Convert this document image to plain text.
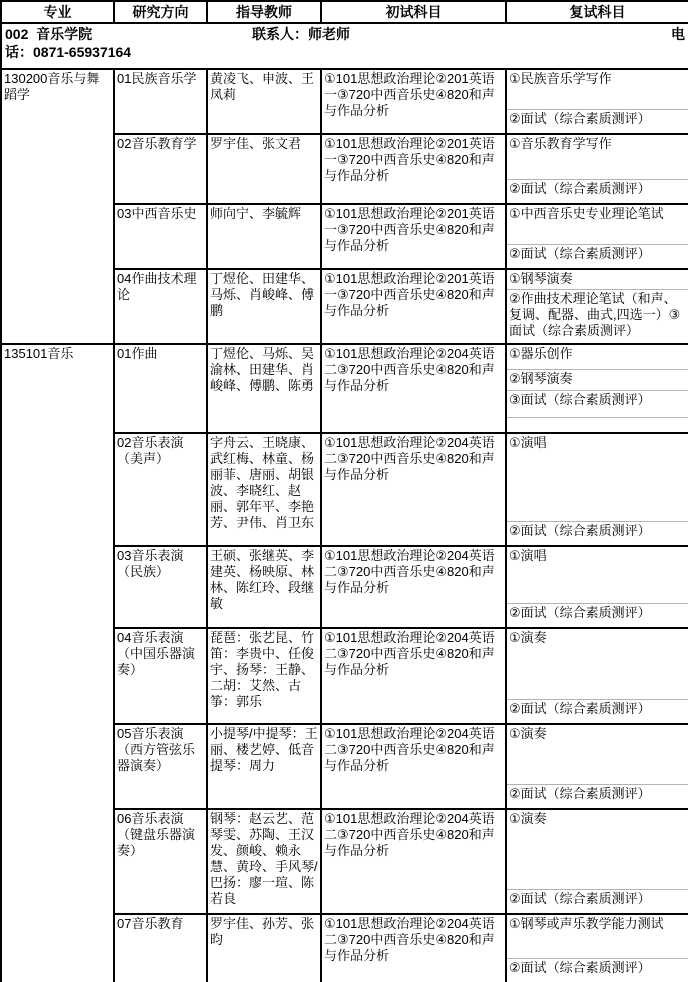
专业	研究方向	指导教师	初试科目	复试科目

002  音乐学院 联系人：师老师 电
话：0871-65937164				

130200音乐与舞蹈学	01民族音乐学	黄凌飞、申波、王凤莉	①101思想政治理论②201英语一③720中西音乐史④820和声与作品分析	①民族音乐学写作
②面试（综合素质测评）

	02音乐教育学	罗宇佳、张文君	①101思想政治理论②201英语一③720中西音乐史④820和声与作品分析	①音乐教育学写作
②面试（综合素质测评）

	03中西音乐史	师向宁、李毓辉	①101思想政治理论②201英语一③720中西音乐史④820和声与作品分析	①中西音乐史专业理论笔试
②面试（综合素质测评）

	04作曲技术理论	丁煜伦、田建华、马烁、肖峻峰、傅鹏	①101思想政治理论②201英语一③720中西音乐史④820和声与作品分析	①钢琴演奏
②作曲技术理论笔试（和声、复调、配器、曲式,四选一）③面试（综合素质测评）

135101音乐	01作曲	丁煜伦、马烁、吴渝林、田建华、肖峻峰、傅鹏、陈勇	①101思想政治理论②204英语二③720中西音乐史④820和声与作品分析	①器乐创作
②钢琴演奏
③面试（综合素质测评）

	02音乐表演（美声）	字舟云、王晓康、武红梅、林童、杨丽菲、唐丽、胡银波、李晓红、赵丽、郭年平、李艳芳、尹伟、肖卫东	①101思想政治理论②204英语二③720中西音乐史④820和声与作品分析	①演唱
②面试（综合素质测评）

	03音乐表演（民族）	王硕、张继英、李建英、杨映原、林林、陈红玲、段继敏	①101思想政治理论②204英语二③720中西音乐史④820和声与作品分析	①演唱
②面试（综合素质测评）

	04音乐表演（中国乐器演奏）	琵琶：张艺昆、竹笛：李贵中、任俊宇、扬琴：王静、二胡：艾然、古筝：郭乐	①101思想政治理论②204英语二③720中西音乐史④820和声与作品分析	①演奏
②面试（综合素质测评）

	05音乐表演（西方管弦乐器演奏）	小提琴/中提琴：王丽、楼艺婷、低音提琴：周力	①101思想政治理论②204英语二③720中西音乐史④820和声与作品分析	①演奏
②面试（综合素质测评）

	06音乐表演（键盘乐器演奏）	钢琴：赵云艺、范琴雯、苏陶、王汉发、颜峻、赖永慧、黄玲、手风琴/巴扬：廖一瑄、陈若良	①101思想政治理论②204英语二③720中西音乐史④820和声与作品分析	①演奏
②面试（综合素质测评）

	07音乐教育	罗宇佳、孙芳、张昀	①101思想政治理论②204英语二③720中西音乐史④820和声与作品分析	①钢琴或声乐教学能力测试
②面试（综合素质测评）
